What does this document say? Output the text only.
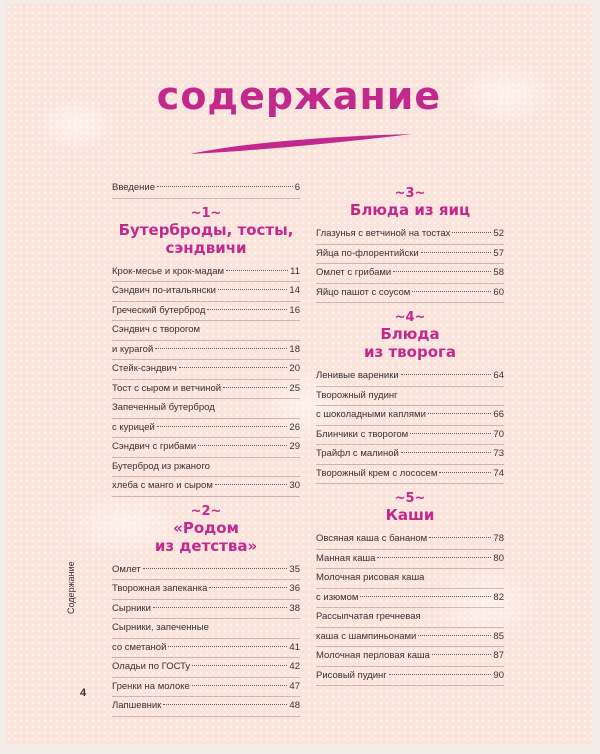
содержание
Введение	6
~1~
Бутерброды, тосты,
сэндвичи
Крок-месье и крок-мадам	11
Сэндвич по-итальянски	14
Греческий бутерброд	16
Сэндвич с творогом
и курагой	18
Стейк-сэндвич	20
Тост с сыром и ветчиной	25
Запеченный бутерброд
с курицей	26
Сэндвич с грибами	29
Бутерброд из ржаного
хлеба с манго и сыром	30
~2~
«Родом
из детства»
Омлет	35
Творожная запеканка	36
Сырники	38
Сырники, запеченные
со сметаной	41
Оладьи по ГОСТу	42
Гренки на молоке	47
Лапшевник	48
~3~
Блюда из яиц
Глазунья с ветчиной на тостах	52
Яйца по-флорентийски	57
Омлет с грибами	58
Яйцо пашот с соусом	60
~4~
Блюда
из творога
Ленивые вареники	64
Творожный пудинг
с шоколадными каплями	66
Блинчики с творогом	70
Трайфл с малиной	73
Творожный крем с лососем	74
~5~
Каши
Овсяная каша с бананом	78
Манная каша	80
Молочная рисовая каша
с изюмом	82
Рассыпчатая гречневая
каша с шампиньонами	85
Молочная перловая каша	87
Рисовый пудинг	90
Содержание
4
